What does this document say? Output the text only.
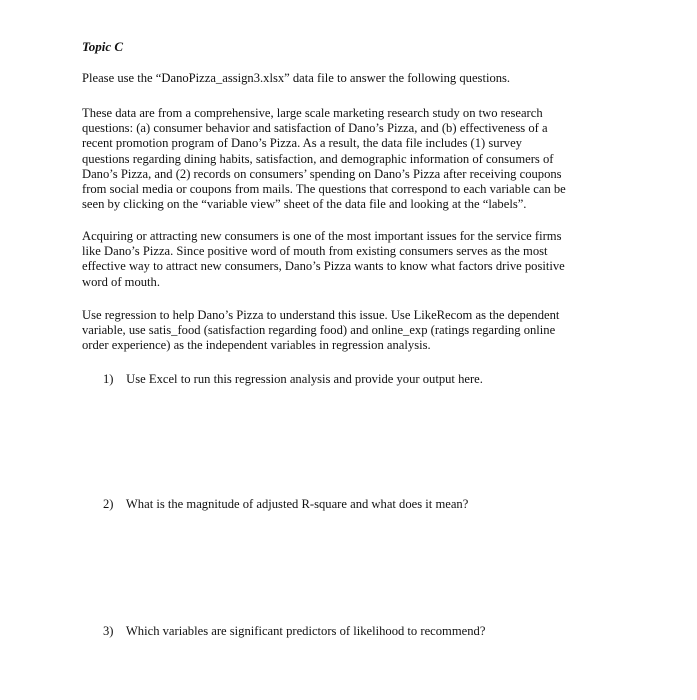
Topic C

Please use the “DanoPizza_assign3.xlsx” data file to answer the following questions.

These data are from a comprehensive, large scale marketing research study on two research
questions: (a) consumer behavior and satisfaction of Dano’s Pizza, and (b) effectiveness of a
recent promotion program of Dano’s Pizza. As a result, the data file includes (1) survey
questions regarding dining habits, satisfaction, and demographic information of consumers of
Dano’s Pizza, and (2) records on consumers’ spending on Dano’s Pizza after receiving coupons
from social media or coupons from mails. The questions that correspond to each variable can be
seen by clicking on the “variable view” sheet of the data file and looking at the “labels”.

Acquiring or attracting new consumers is one of the most important issues for the service firms
like Dano’s Pizza. Since positive word of mouth from existing consumers serves as the most
effective way to attract new consumers, Dano’s Pizza wants to know what factors drive positive
word of mouth.

Use regression to help Dano’s Pizza to understand this issue. Use LikeRecom as the dependent
variable, use satis_food (satisfaction regarding food) and online_exp (ratings regarding online
order experience) as the independent variables in regression analysis.

1) Use Excel to run this regression analysis and provide your output here.
2) What is the magnitude of adjusted R-square and what does it mean?
3) Which variables are significant predictors of likelihood to recommend?
